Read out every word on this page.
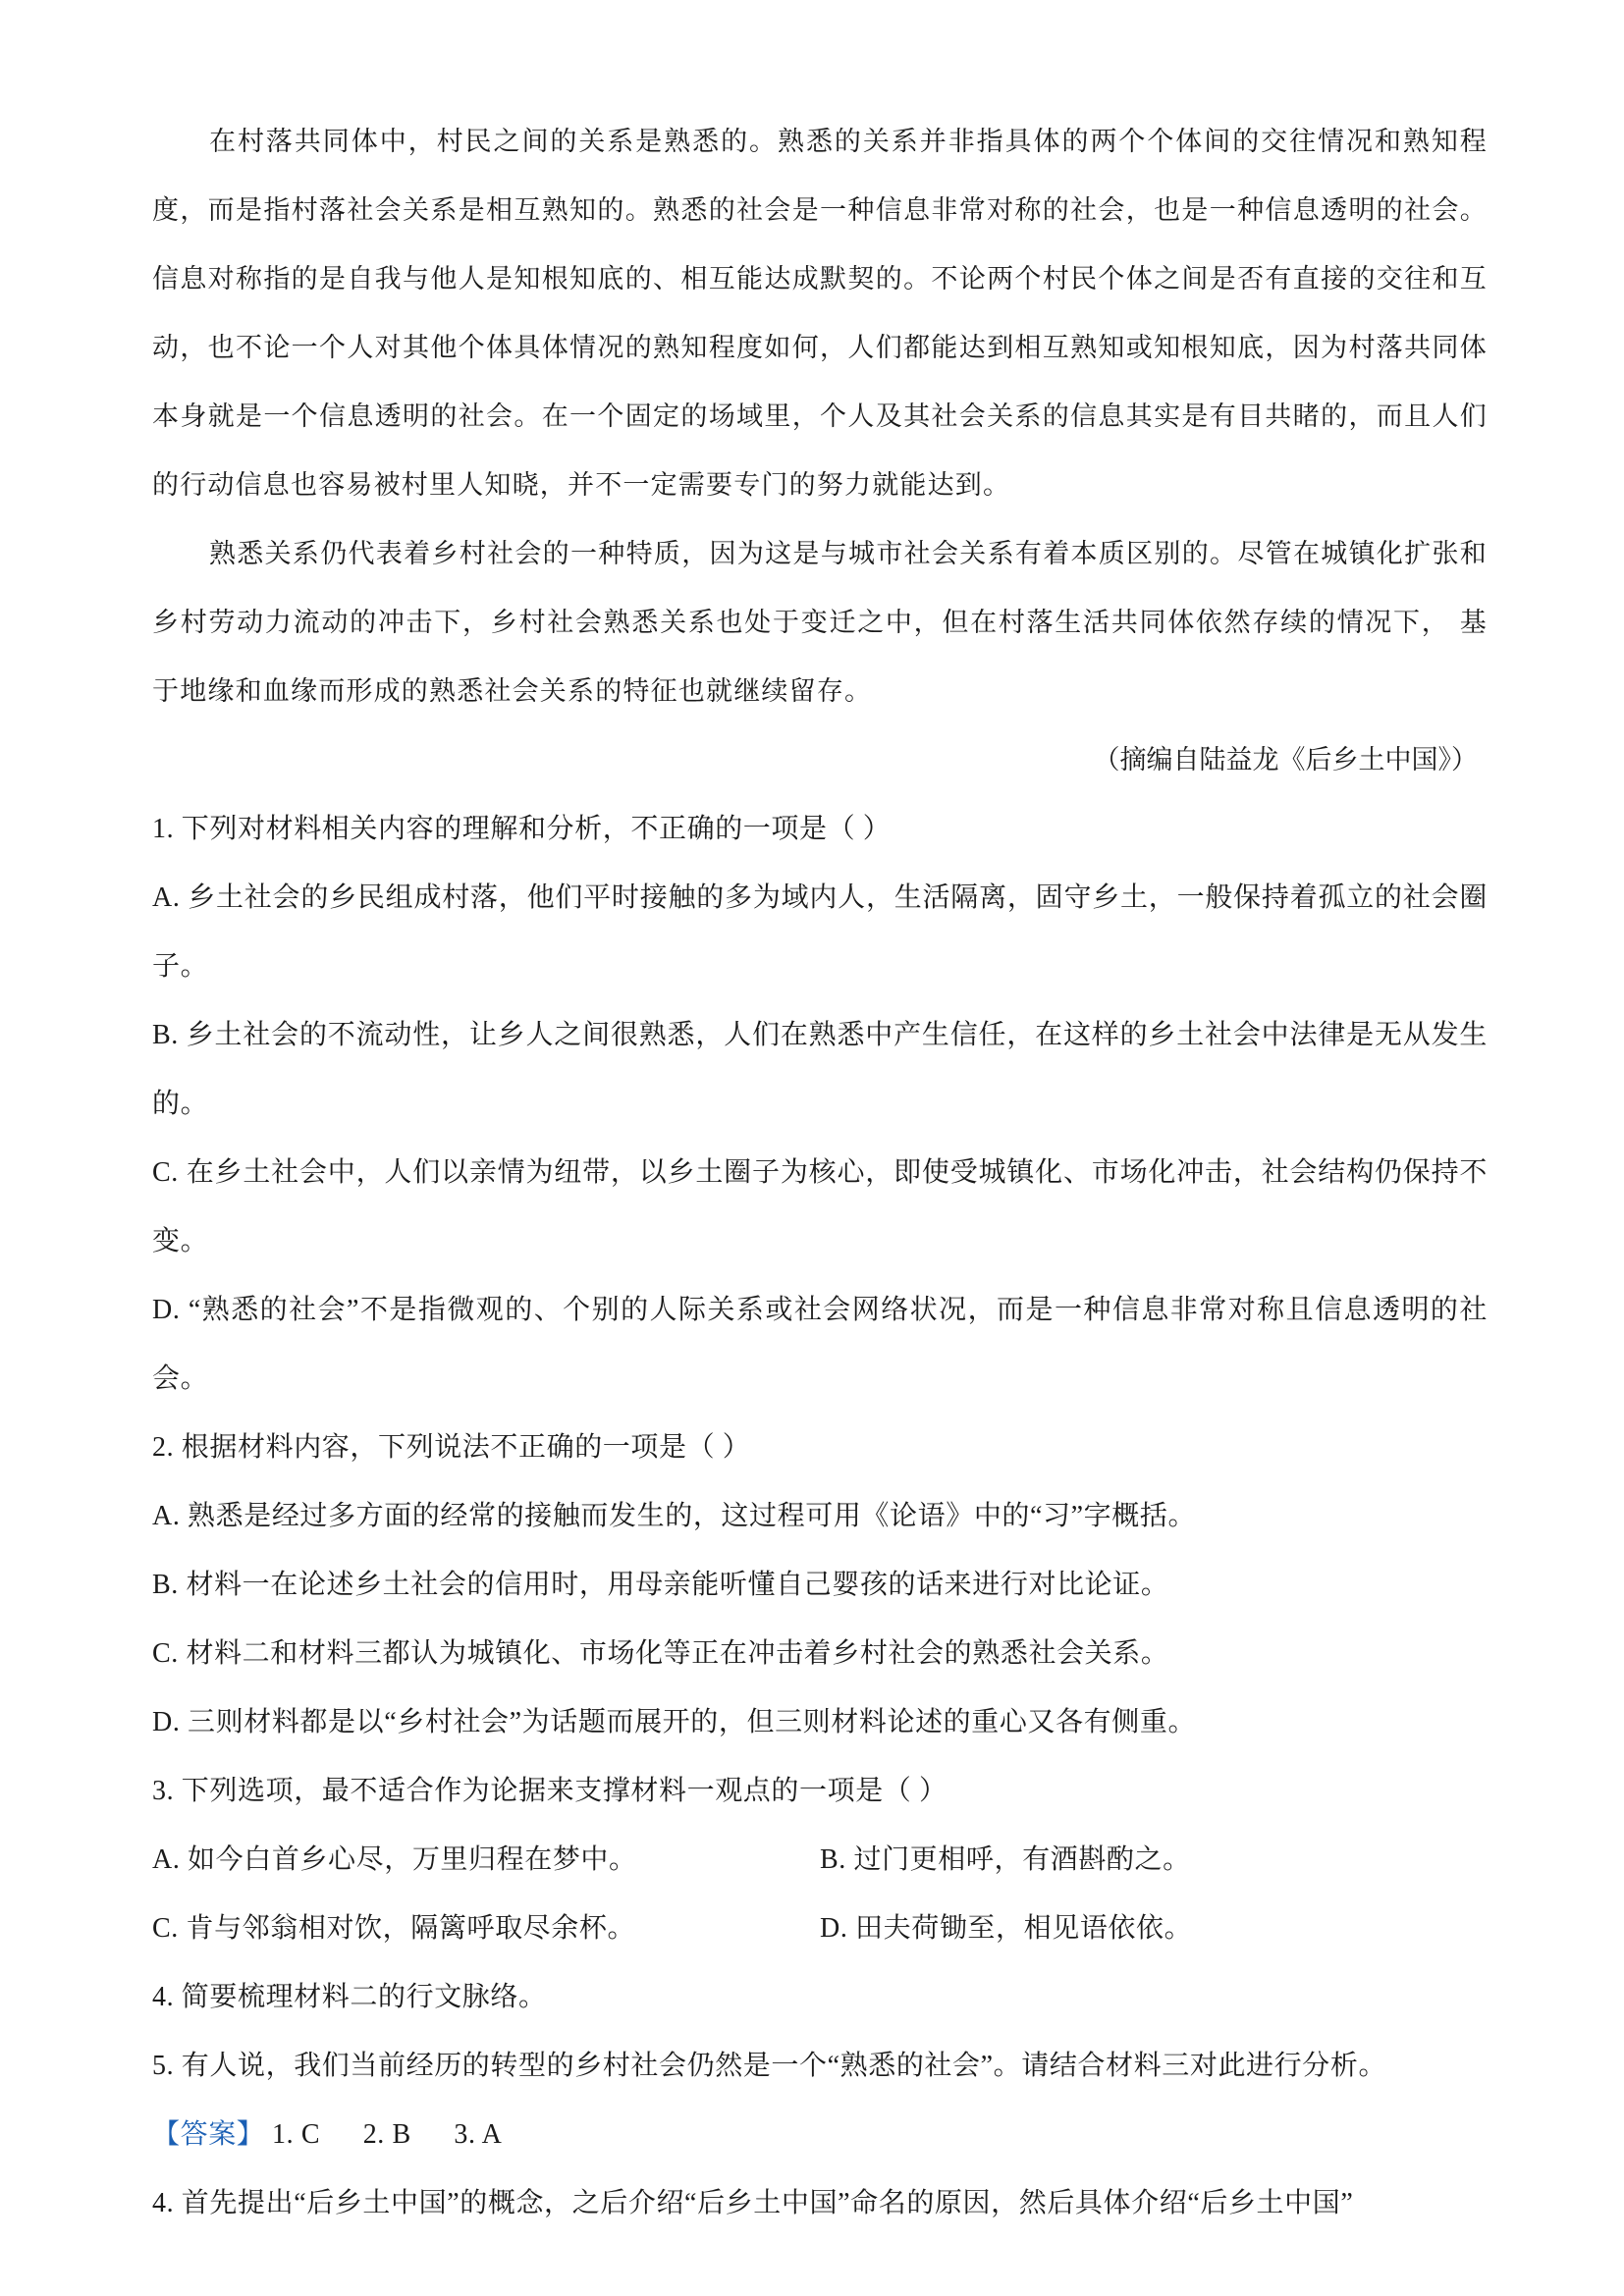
在村落共同体中，村民之间的关系是熟悉的。熟悉的关系并非指具体的两个个体间的交往情况和熟知程度，而是指村落社会关系是相互熟知的。熟悉的社会是一种信息非常对称的社会，也是一种信息透明的社会。信息对称指的是自我与他人是知根知底的、相互能达成默契的。不论两个村民个体之间是否有直接的交往和互动，也不论一个人对其他个体具体情况的熟知程度如何，人们都能达到相互熟知或知根知底，因为村落共同体本身就是一个信息透明的社会。在一个固定的场域里，个人及其社会关系的信息其实是有目共睹的，而且人们的行动信息也容易被村里人知晓，并不一定需要专门的努力就能达到。

熟悉关系仍代表着乡村社会的一种特质，因为这是与城市社会关系有着本质区别的。尽管在城镇化扩张和乡村劳动力流动的冲击下，乡村社会熟悉关系也处于变迁之中，但在村落生活共同体依然存续的情况下， 基于地缘和血缘而形成的熟悉社会关系的特征也就继续留存。

（摘编自陆益龙《后乡土中国》）

1. 下列对材料相关内容的理解和分析，不正确的一项是（ ）

A. 乡土社会的乡民组成村落，他们平时接触的多为域内人，生活隔离，固守乡土，一般保持着孤立的社会圈子。

B. 乡土社会的不流动性，让乡人之间很熟悉，人们在熟悉中产生信任，在这样的乡土社会中法律是无从发生的。

C. 在乡土社会中，人们以亲情为纽带，以乡土圈子为核心，即使受城镇化、市场化冲击，社会结构仍保持不变。

D. “熟悉的社会”不是指微观的、个别的人际关系或社会网络状况，而是一种信息非常对称且信息透明的社会。

2. 根据材料内容，下列说法不正确的一项是（ ）

A. 熟悉是经过多方面的经常的接触而发生的，这过程可用《论语》中的“习”字概括。

B. 材料一在论述乡土社会的信用时，用母亲能听懂自己婴孩的话来进行对比论证。

C. 材料二和材料三都认为城镇化、市场化等正在冲击着乡村社会的熟悉社会关系。

D. 三则材料都是以“乡村社会”为话题而展开的，但三则材料论述的重心又各有侧重。

3. 下列选项，最不适合作为论据来支撑材料一观点的一项是（ ）

A. 如今白首乡心尽，万里归程在梦中。	B. 过门更相呼，有酒斟酌之。
C. 肯与邻翁相对饮，隔篱呼取尽余杯。	D. 田夫荷锄至，相见语依依。

4. 简要梳理材料二的行文脉络。

5. 有人说，我们当前经历的转型的乡村社会仍然是一个“熟悉的社会”。请结合材料三对此进行分析。

【答案】 1. C 2. B 3. A

4. 首先提出“后乡土中国”的概念，之后介绍“后乡土中国”命名的原因，然后具体介绍“后乡土中国”
